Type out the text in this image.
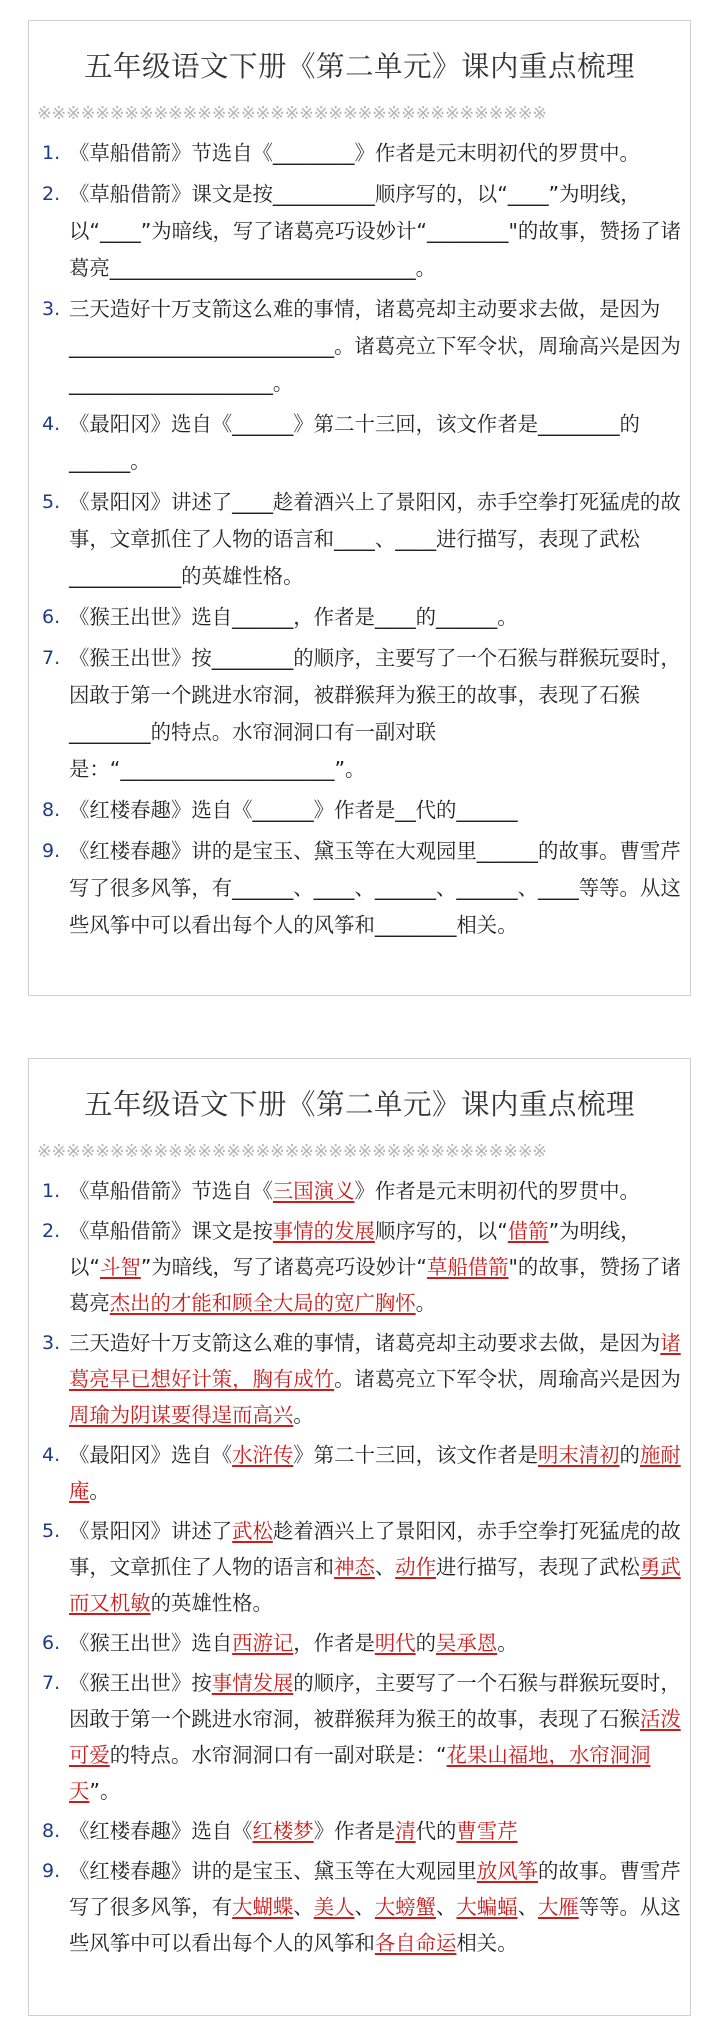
五年级语文下册《第二单元》课内重点梳理
※※※※※※※※※※※※※※※※※※※※※※※※※※※※※※※※※※※
1. 《草船借箭》节选自《________》作者是元末明初代的罗贯中。
2. 《草船借箭》课文是按__________顺序写的，以“____”为明线，以“____”为暗线，写了诸葛亮巧设妙计“________"的故事，赞扬了诸葛亮______________________________。
3. 三天造好十万支箭这么难的事情，诸葛亮却主动要求去做，是因为__________________________。诸葛亮立下军令状，周瑜高兴是因为____________________。
4. 《最阳冈》选自《______》第二十三回，该文作者是________的______。
5. 《景阳冈》讲述了____趁着酒兴上了景阳冈，赤手空拳打死猛虎的故事，文章抓住了人物的语言和____、____进行描写，表现了武松___________的英雄性格。
6. 《猴王出世》选自______，作者是____的______。
7. 《猴王出世》按________的顺序，主要写了一个石猴与群猴玩耍时，因敢于第一个跳进水帘洞，被群猴拜为猴王的故事，表现了石猴________的特点。水帘洞洞口有一副对联是：“_____________________”。
8. 《红楼春趣》选自《______》作者是__代的______
9. 《红楼春趣》讲的是宝玉、黛玉等在大观园里______的故事。曹雪芹写了很多风筝，有______、____、______、______、____等等。从这些风筝中可以看出每个人的风筝和________相关。
五年级语文下册《第二单元》课内重点梳理
※※※※※※※※※※※※※※※※※※※※※※※※※※※※※※※※※※※
1. 《草船借箭》节选自《三国演义》作者是元末明初代的罗贯中。
2. 《草船借箭》课文是按事情的发展顺序写的，以“借箭”为明线，以“斗智”为暗线，写了诸葛亮巧设妙计“草船借箭"的故事，赞扬了诸葛亮杰出的才能和顾全大局的宽广胸怀。
3. 三天造好十万支箭这么难的事情，诸葛亮却主动要求去做，是因为诸葛亮早已想好计策，胸有成竹。诸葛亮立下军令状，周瑜高兴是因为周瑜为阴谋要得逞而高兴。
4. 《最阳冈》选自《水浒传》第二十三回，该文作者是明末清初的施耐庵。
5. 《景阳冈》讲述了武松趁着酒兴上了景阳冈，赤手空拳打死猛虎的故事，文章抓住了人物的语言和神态、动作进行描写，表现了武松勇武而又机敏的英雄性格。
6. 《猴王出世》选自西游记，作者是明代的吴承恩。
7. 《猴王出世》按事情发展的顺序，主要写了一个石猴与群猴玩耍时，因敢于第一个跳进水帘洞，被群猴拜为猴王的故事，表现了石猴活泼可爱的特点。水帘洞洞口有一副对联是：“花果山福地，水帘洞洞天”。
8. 《红楼春趣》选自《红楼梦》作者是清代的曹雪芹
9. 《红楼春趣》讲的是宝玉、黛玉等在大观园里放风筝的故事。曹雪芹写了很多风筝，有大蝴蝶、美人、大螃蟹、大蝙蝠、大雁等等。从这些风筝中可以看出每个人的风筝和各自命运相关。
